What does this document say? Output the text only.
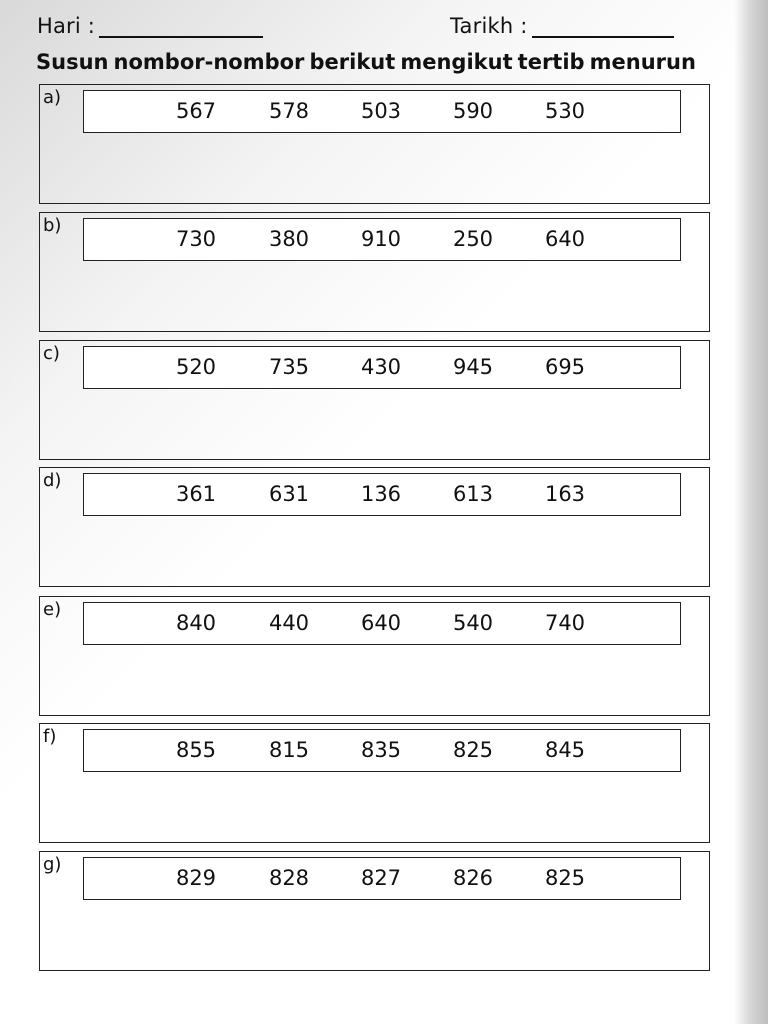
Hari :	Tarikh :
Susun nombor-nombor berikut mengikut tertib menurun
a)
567	578	503	590	530
b)
730	380	910	250	640
c)
520	735	430	945	695
d)
361	631	136	613	163
e)
840	440	640	540	740
f)
855	815	835	825	845
g)
829	828	827	826	825
